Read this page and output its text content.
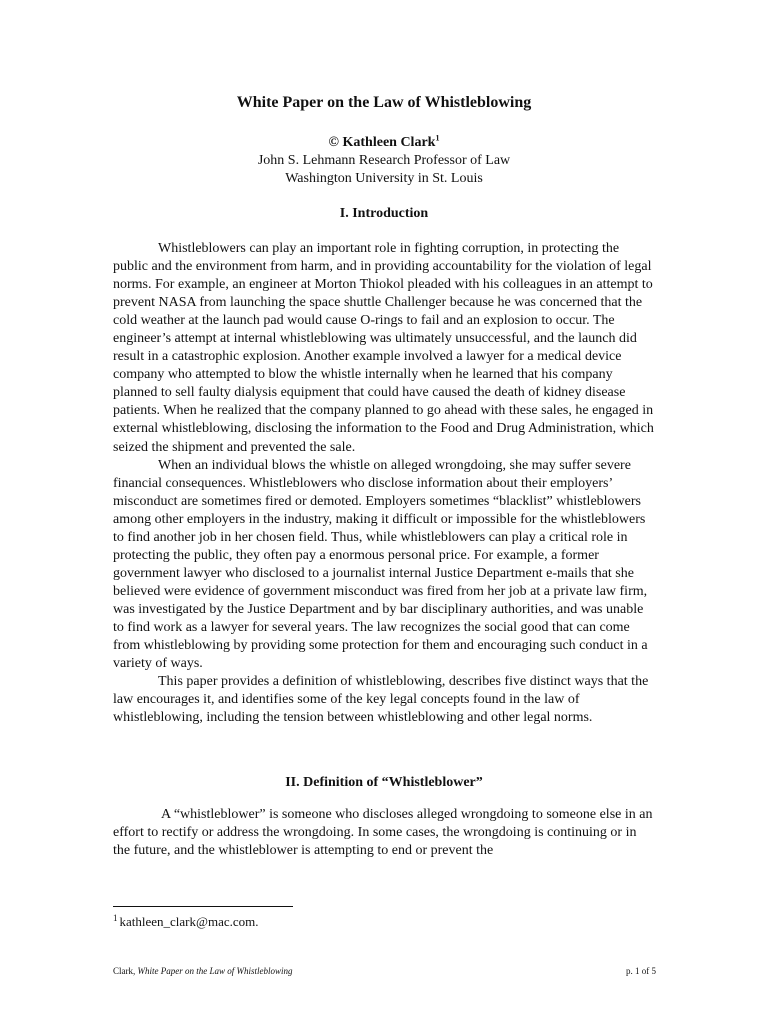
White Paper on the Law of Whistleblowing
© Kathleen Clark$^1$
John S. Lehmann Research Professor of Law
Washington University in St. Louis
I. Introduction

Whistleblowers can play an important role in fighting corruption, in protecting the public and the environment from harm, and in providing accountability for the violation of legal norms. For example, an engineer at Morton Thiokol pleaded with his colleagues in an attempt to prevent NASA from launching the space shuttle Challenger because he was concerned that the cold weather at the launch pad would cause O-rings to fail and an explosion to occur. The engineer’s attempt at internal whistleblowing was ultimately unsuccessful, and the launch did result in a catastrophic explosion. Another example involved a lawyer for a medical device company who attempted to blow the whistle internally when he learned that his company planned to sell faulty dialysis equipment that could have caused the death of kidney disease patients. When he realized that the company planned to go ahead with these sales, he engaged in external whistleblowing, disclosing the information to the Food and Drug Administration, which seized the shipment and prevented the sale.

When an individual blows the whistle on alleged wrongdoing, she may suffer severe financial consequences. Whistleblowers who disclose information about their employers’ misconduct are sometimes fired or demoted. Employers sometimes “blacklist” whistleblowers among other employers in the industry, making it difficult or impossible for the whistleblowers to find another job in her chosen field. Thus, while whistleblowers can play a critical role in protecting the public, they often pay a enormous personal price. For example, a former government lawyer who disclosed to a journalist internal Justice Department e-mails that she believed were evidence of government misconduct was fired from her job at a private law firm, was investigated by the Justice Department and by bar disciplinary authorities, and was unable to find work as a lawyer for several years. The law recognizes the social good that can come from whistleblowing by providing some protection for them and encouraging such conduct in a variety of ways.

This paper provides a definition of whistleblowing, describes five distinct ways that the law encourages it, and identifies some of the key legal concepts found in the law of whistleblowing, including the tension between whistleblowing and other legal norms.

II. Definition of “Whistleblower”

A “whistleblower” is someone who discloses alleged wrongdoing to someone else in an effort to rectify or address the wrongdoing. In some cases, the wrongdoing is continuing or in the future, and the whistleblower is attempting to end or prevent the

$^1$ kathleen_clark@mac.com.
Clark, White Paper on the Law of Whistleblowing	p. 1 of 5
